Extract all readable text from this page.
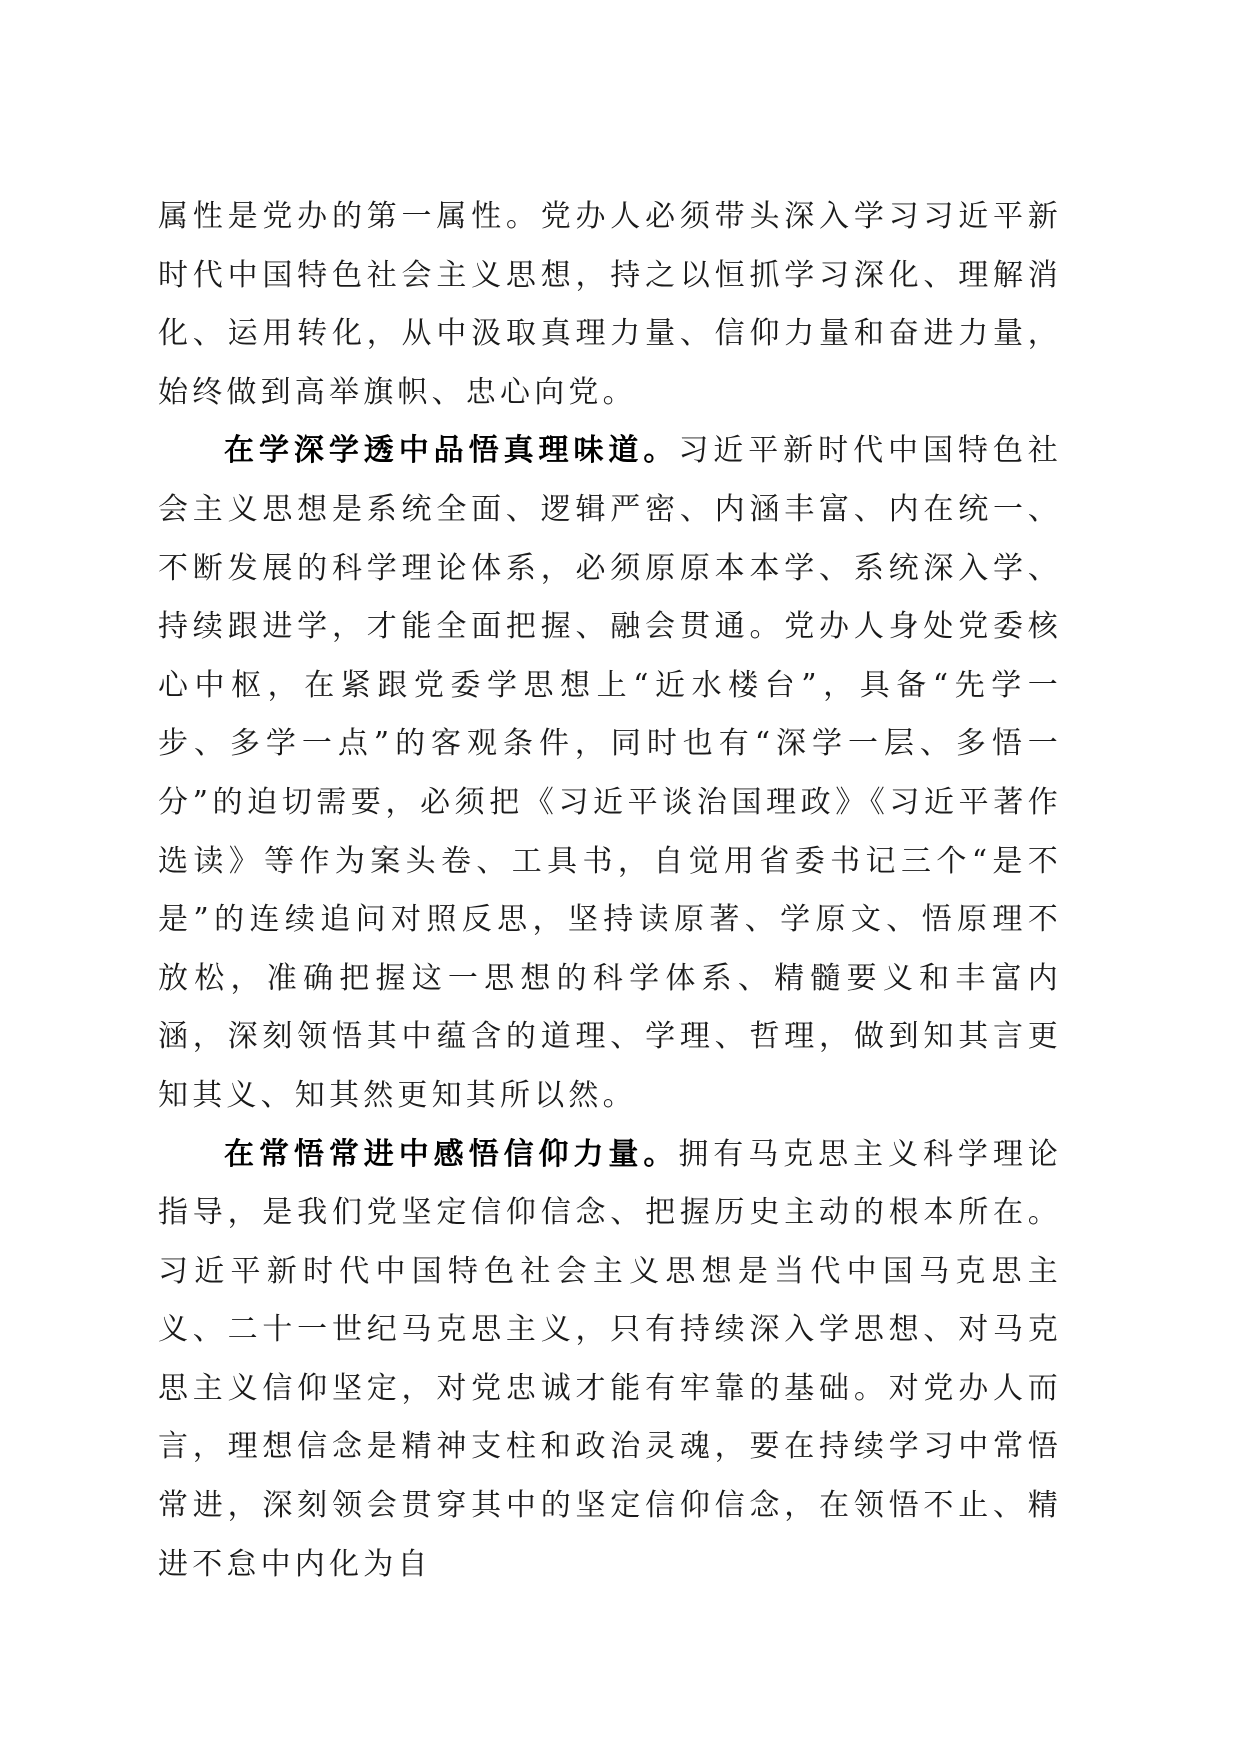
属性是党办的第一属性。党办人必须带头深入学习习近平新时代中国特色社会主义思想，持之以恒抓学习深化、理解消化、运用转化，从中汲取真理力量、信仰力量和奋进力量，始终做到高举旗帜、忠心向党。

在学深学透中品悟真理味道。习近平新时代中国特色社会主义思想是系统全面、逻辑严密、内涵丰富、内在统一、不断发展的科学理论体系，必须原原本本学、系统深入学、持续跟进学，才能全面把握、融会贯通。党办人身处党委核心中枢，在紧跟党委学思想上“近水楼台”，具备“先学一步、多学一点”的客观条件，同时也有“深学一层、多悟一分”的迫切需要，必须把《习近平谈治国理政》《习近平著作选读》等作为案头卷、工具书，自觉用省委书记三个“是不是”的连续追问对照反思，坚持读原著、学原文、悟原理不放松，准确把握这一思想的科学体系、精髓要义和丰富内涵，深刻领悟其中蕴含的道理、学理、哲理，做到知其言更知其义、知其然更知其所以然。

在常悟常进中感悟信仰力量。拥有马克思主义科学理论指导，是我们党坚定信仰信念、把握历史主动的根本所在。习近平新时代中国特色社会主义思想是当代中国马克思主义、二十一世纪马克思主义，只有持续深入学思想、对马克思主义信仰坚定，对党忠诚才能有牢靠的基础。对党办人而言，理想信念是精神支柱和政治灵魂，要在持续学习中常悟常进，深刻领会贯穿其中的坚定信仰信念，在领悟不止、精进不怠中内化为自
